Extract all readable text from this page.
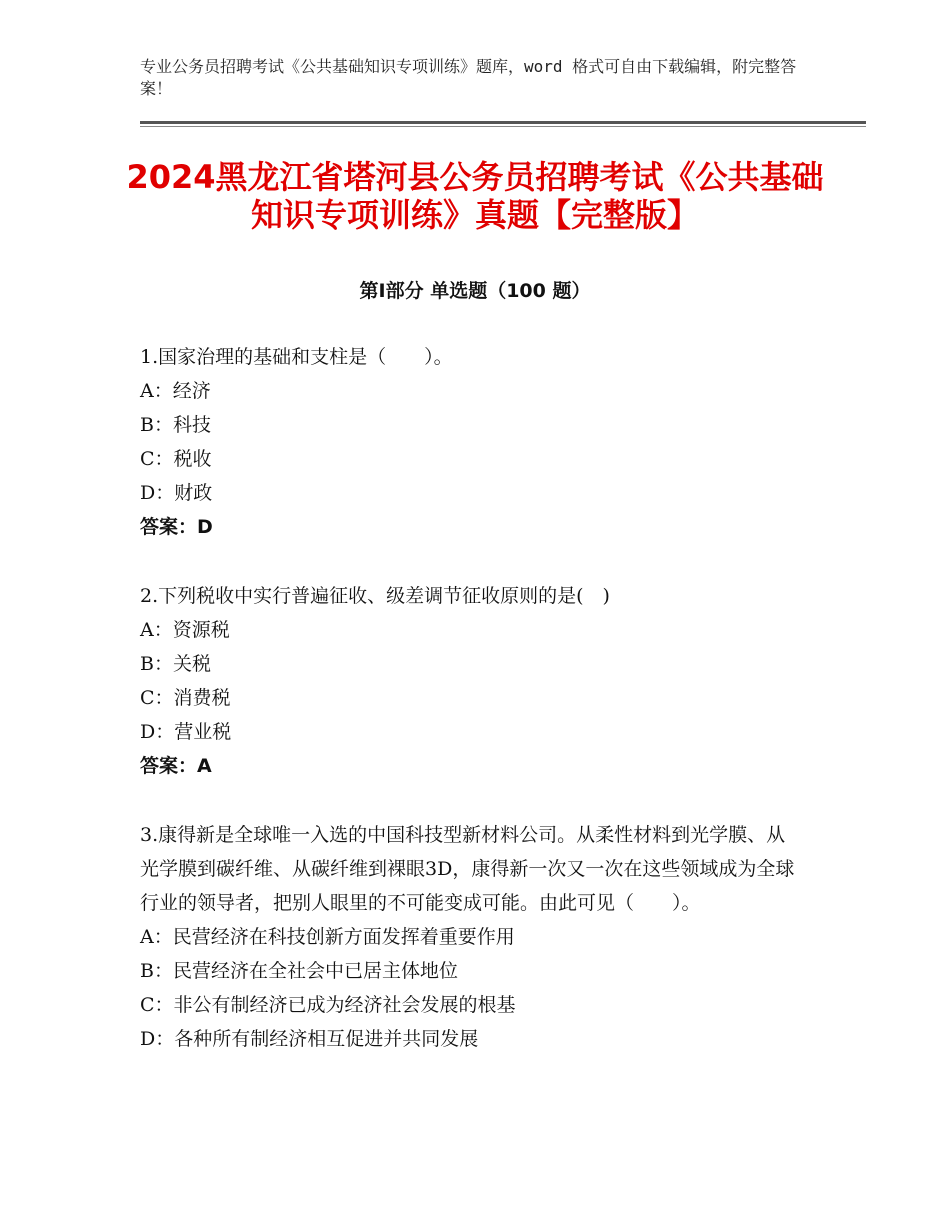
专业公务员招聘考试《公共基础知识专项训练》题库，word 格式可自由下载编辑，附完整答案！
2024黑龙江省塔河县公务员招聘考试《公共基础知识专项训练》真题【完整版】
第Ⅰ部分 单选题（100 题）

1.国家治理的基础和支柱是（　　）。

A：经济

B：科技

C：税收

D：财政

答案：D

2.下列税收中实行普遍征收、级差调节征收原则的是(　)

A：资源税

B：关税

C：消费税

D：营业税

答案：A

3.康得新是全球唯一入选的中国科技型新材料公司。从柔性材料到光学膜、从光学膜到碳纤维、从碳纤维到裸眼3D，康得新一次又一次在这些领域成为全球行业的领导者，把别人眼里的不可能变成可能。由此可见（　　）。

A：民营经济在科技创新方面发挥着重要作用

B：民营经济在全社会中已居主体地位

C：非公有制经济已成为经济社会发展的根基

D：各种所有制经济相互促进并共同发展
